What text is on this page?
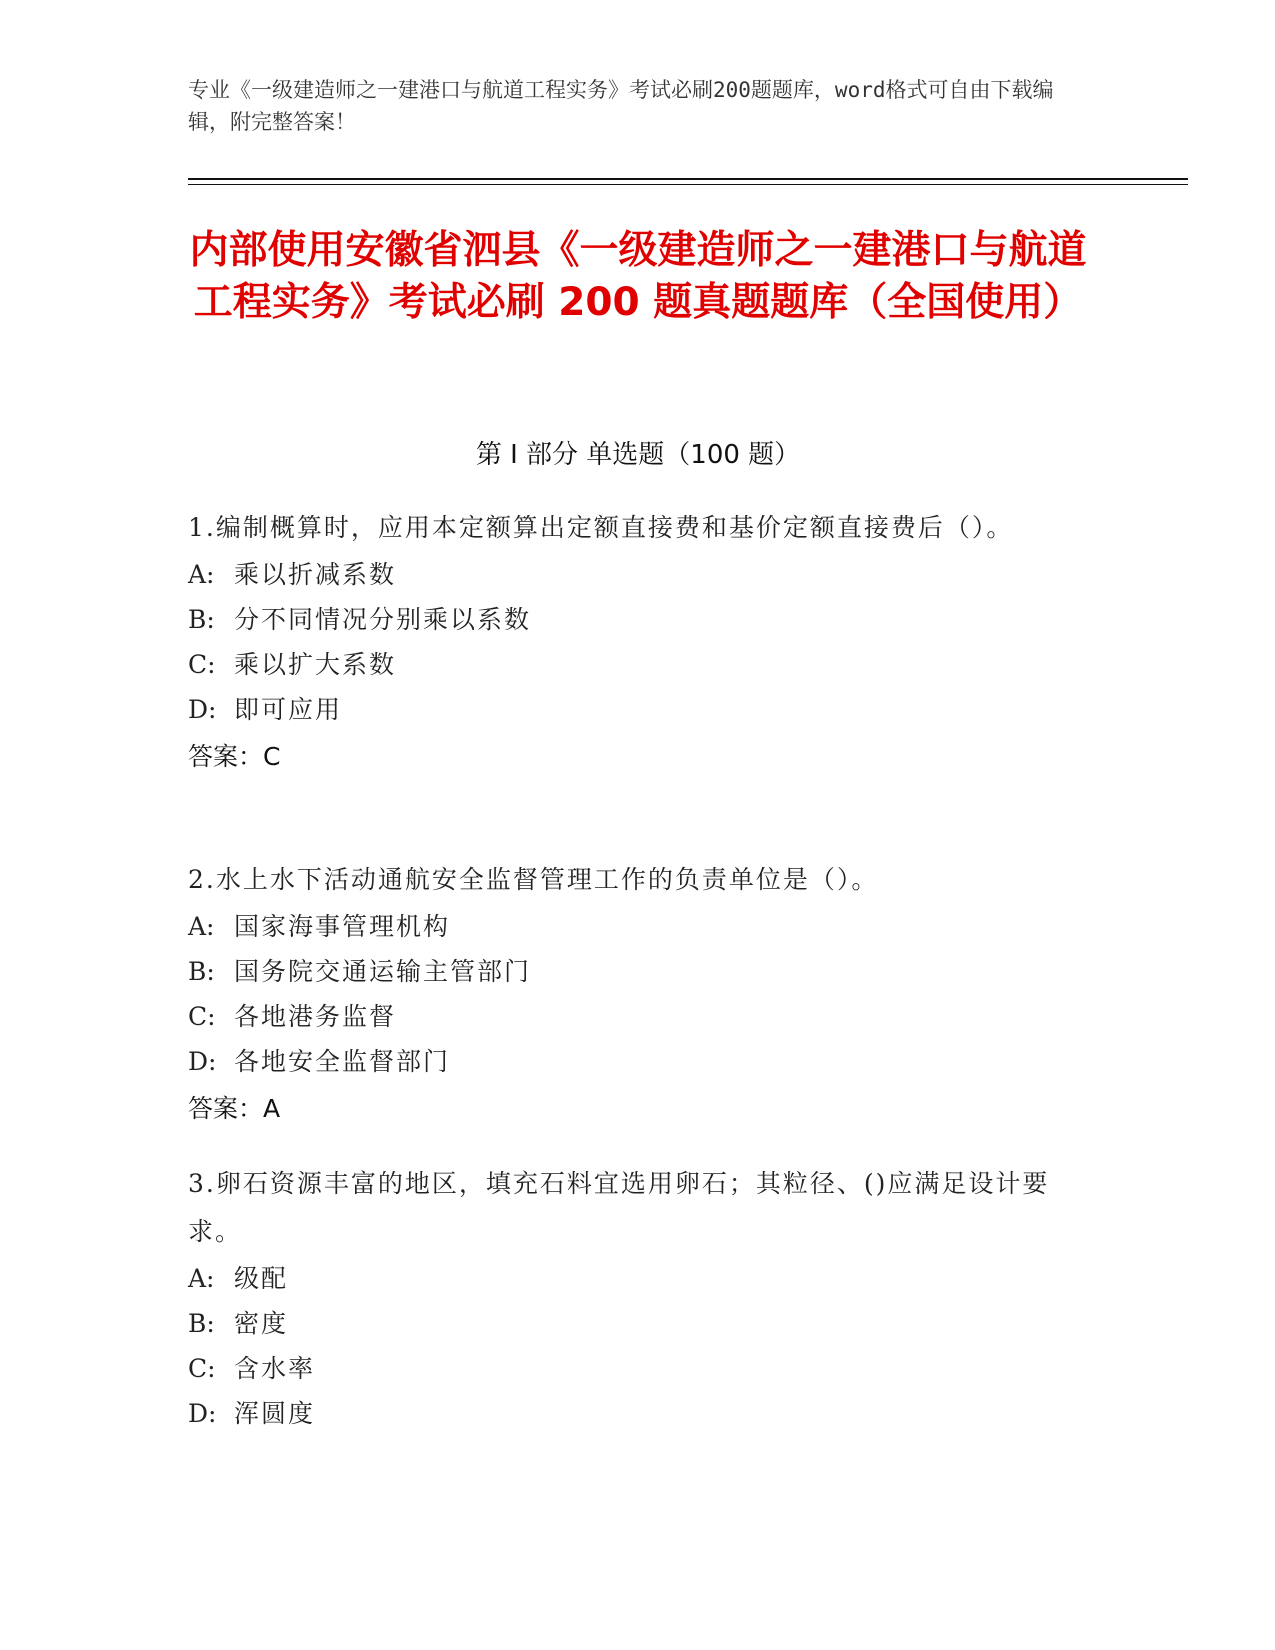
专业《一级建造师之一建港口与航道工程实务》考试必刷200题题库，word格式可自由下载编辑，附完整答案！
内部使用安徽省泗县《一级建造师之一建港口与航道工程实务》考试必刷 200 题真题题库（全国使用）
第 I 部分 单选题（100 题）
1.编制概算时，应用本定额算出定额直接费和基价定额直接费后（）。
A: 乘以折减系数
B: 分不同情况分别乘以系数
C: 乘以扩大系数
D: 即可应用
答案：C
2.水上水下活动通航安全监督管理工作的负责单位是（）。
A: 国家海事管理机构
B: 国务院交通运输主管部门
C: 各地港务监督
D: 各地安全监督部门
答案：A
3.卵石资源丰富的地区，填充石料宜选用卵石；其粒径、()应满足设计要求。
A: 级配
B: 密度
C: 含水率
D: 浑圆度
